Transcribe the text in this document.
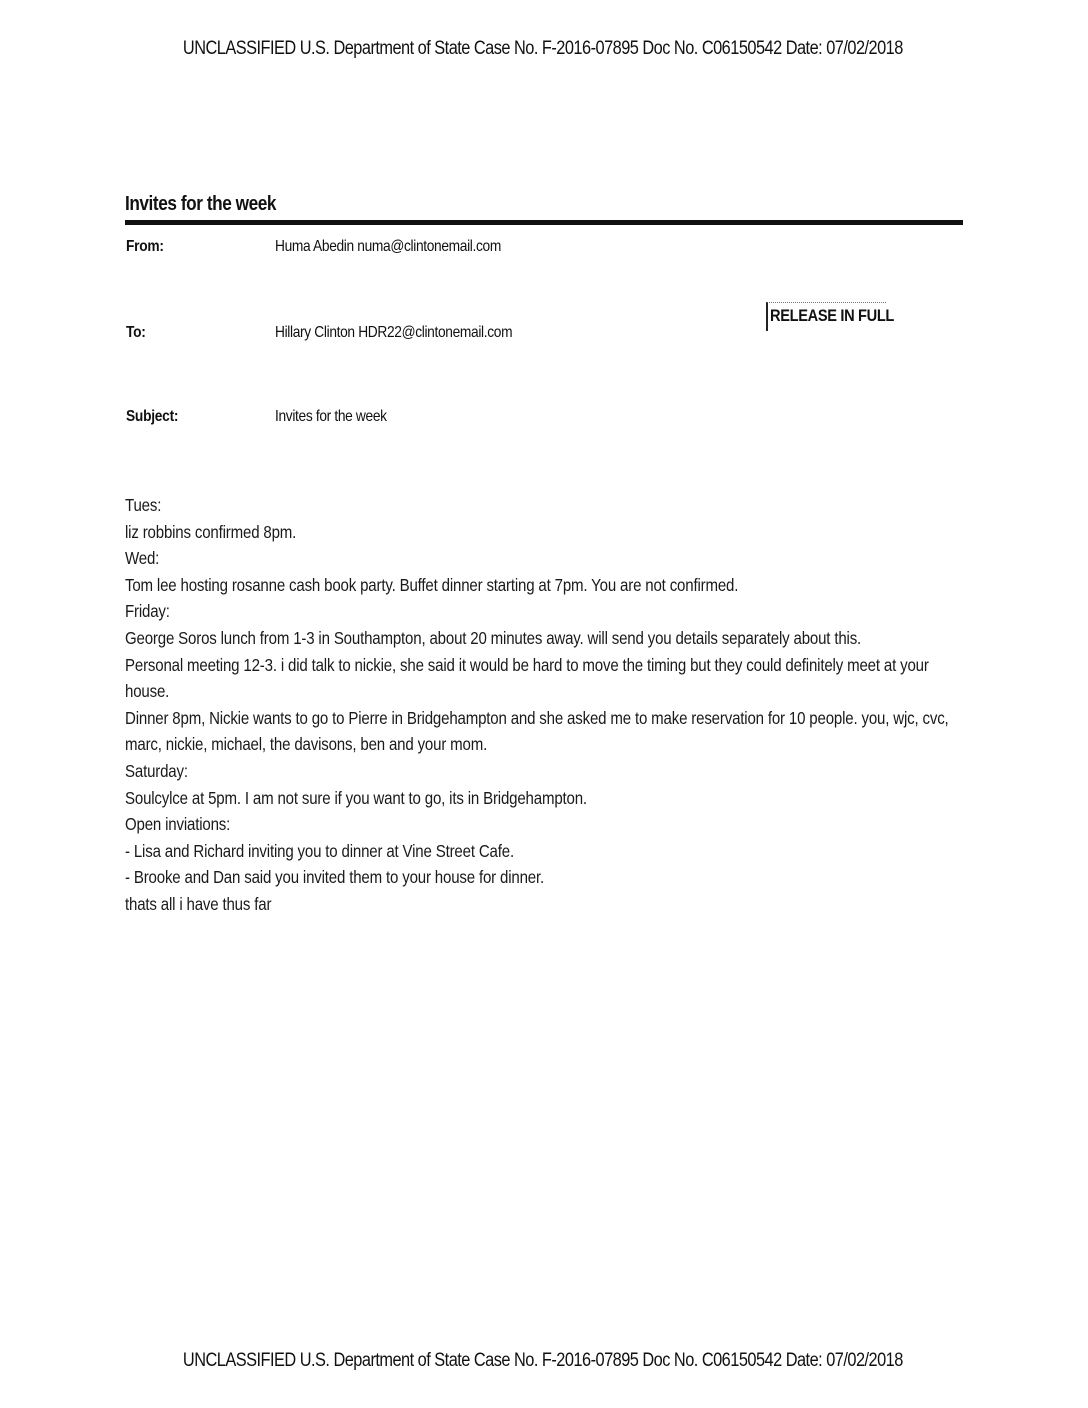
UNCLASSIFIED U.S. Department of State Case No. F-2016-07895 Doc No. C06150542 Date: 07/02/2018
Invites for the week
From:	Huma Abedin numa@clintonemail.com
RELEASE IN FULL
To:	Hillary Clinton HDR22@clintonemail.com
Subject:	Invites for the week
Tues:
liz robbins confirmed 8pm.
Wed:
Tom lee hosting rosanne cash book party. Buffet dinner starting at 7pm. You are not confirmed.
Friday:
George Soros lunch from 1-3 in Southampton, about 20 minutes away. will send you details separately about this.
Personal meeting 12-3. i did talk to nickie, she said it would be hard to move the timing but they could definitely meet at your
house.
Dinner 8pm, Nickie wants to go to Pierre in Bridgehampton and she asked me to make reservation for 10 people. you, wjc, cvc,
marc, nickie, michael, the davisons, ben and your mom.
Saturday:
Soulcylce at 5pm. I am not sure if you want to go, its in Bridgehampton.
Open inviations:
- Lisa and Richard inviting you to dinner at Vine Street Cafe.
- Brooke and Dan said you invited them to your house for dinner.
thats all i have thus far
UNCLASSIFIED U.S. Department of State Case No. F-2016-07895 Doc No. C06150542 Date: 07/02/2018
